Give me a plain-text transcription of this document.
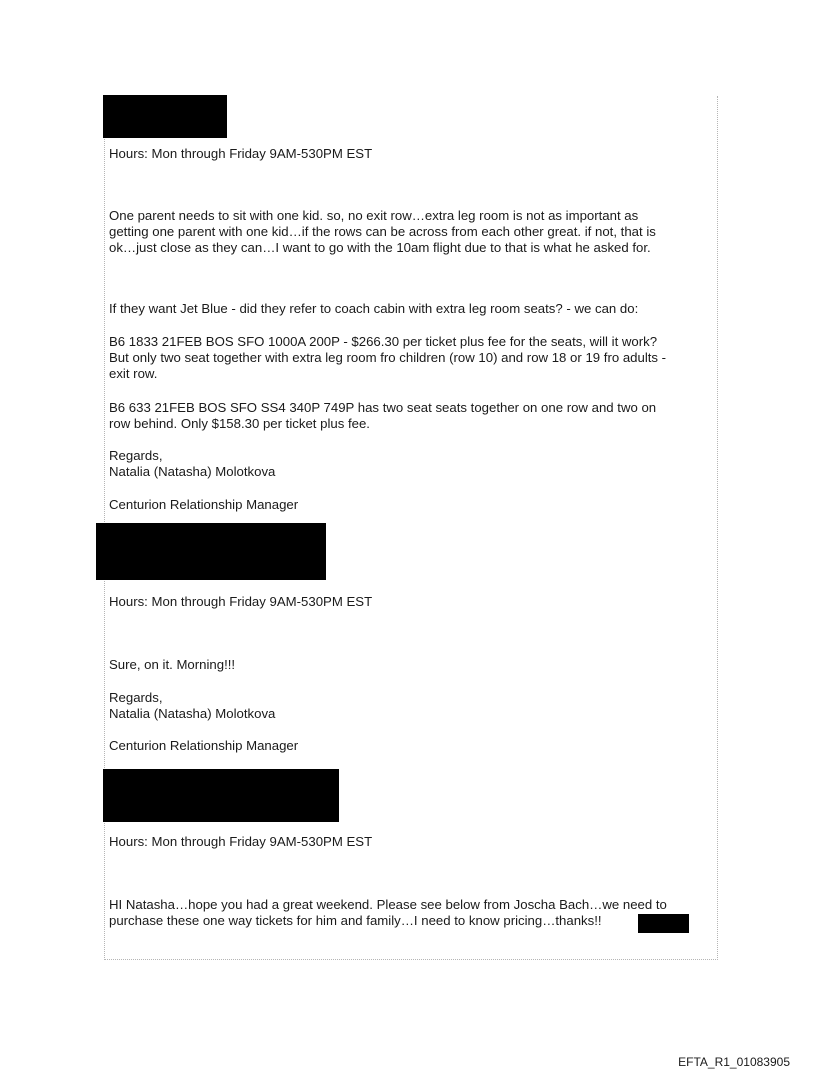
Hours: Mon through Friday 9AM-530PM EST
One parent needs to sit with one kid. so, no exit row…extra leg room is not as important as
getting one parent with one kid…if the rows can be across from each other great. if not, that is
ok…just close as they can…I want to go with the 10am flight due to that is what he asked for.
If they want Jet Blue - did they refer to coach cabin with extra leg room seats? - we can do:
B6 1833 21FEB BOS SFO 1000A 200P - $266.30 per ticket plus fee for the seats, will it work?
But only two seat together with extra leg room fro children (row 10) and row 18 or 19 fro adults -
exit row.
B6 633 21FEB BOS SFO SS4 340P 749P has two seat seats together on one row and two on
row behind. Only $158.30 per ticket plus fee.
Regards,
Natalia (Natasha) Molotkova
Centurion Relationship Manager
Hours: Mon through Friday 9AM-530PM EST
Sure, on it. Morning!!!
Regards,
Natalia (Natasha) Molotkova
Centurion Relationship Manager
Hours: Mon through Friday 9AM-530PM EST
HI Natasha…hope you had a great weekend. Please see below from Joscha Bach…we need to
purchase these one way tickets for him and family…I need to know pricing…thanks!!
EFTA_R1_01083905
